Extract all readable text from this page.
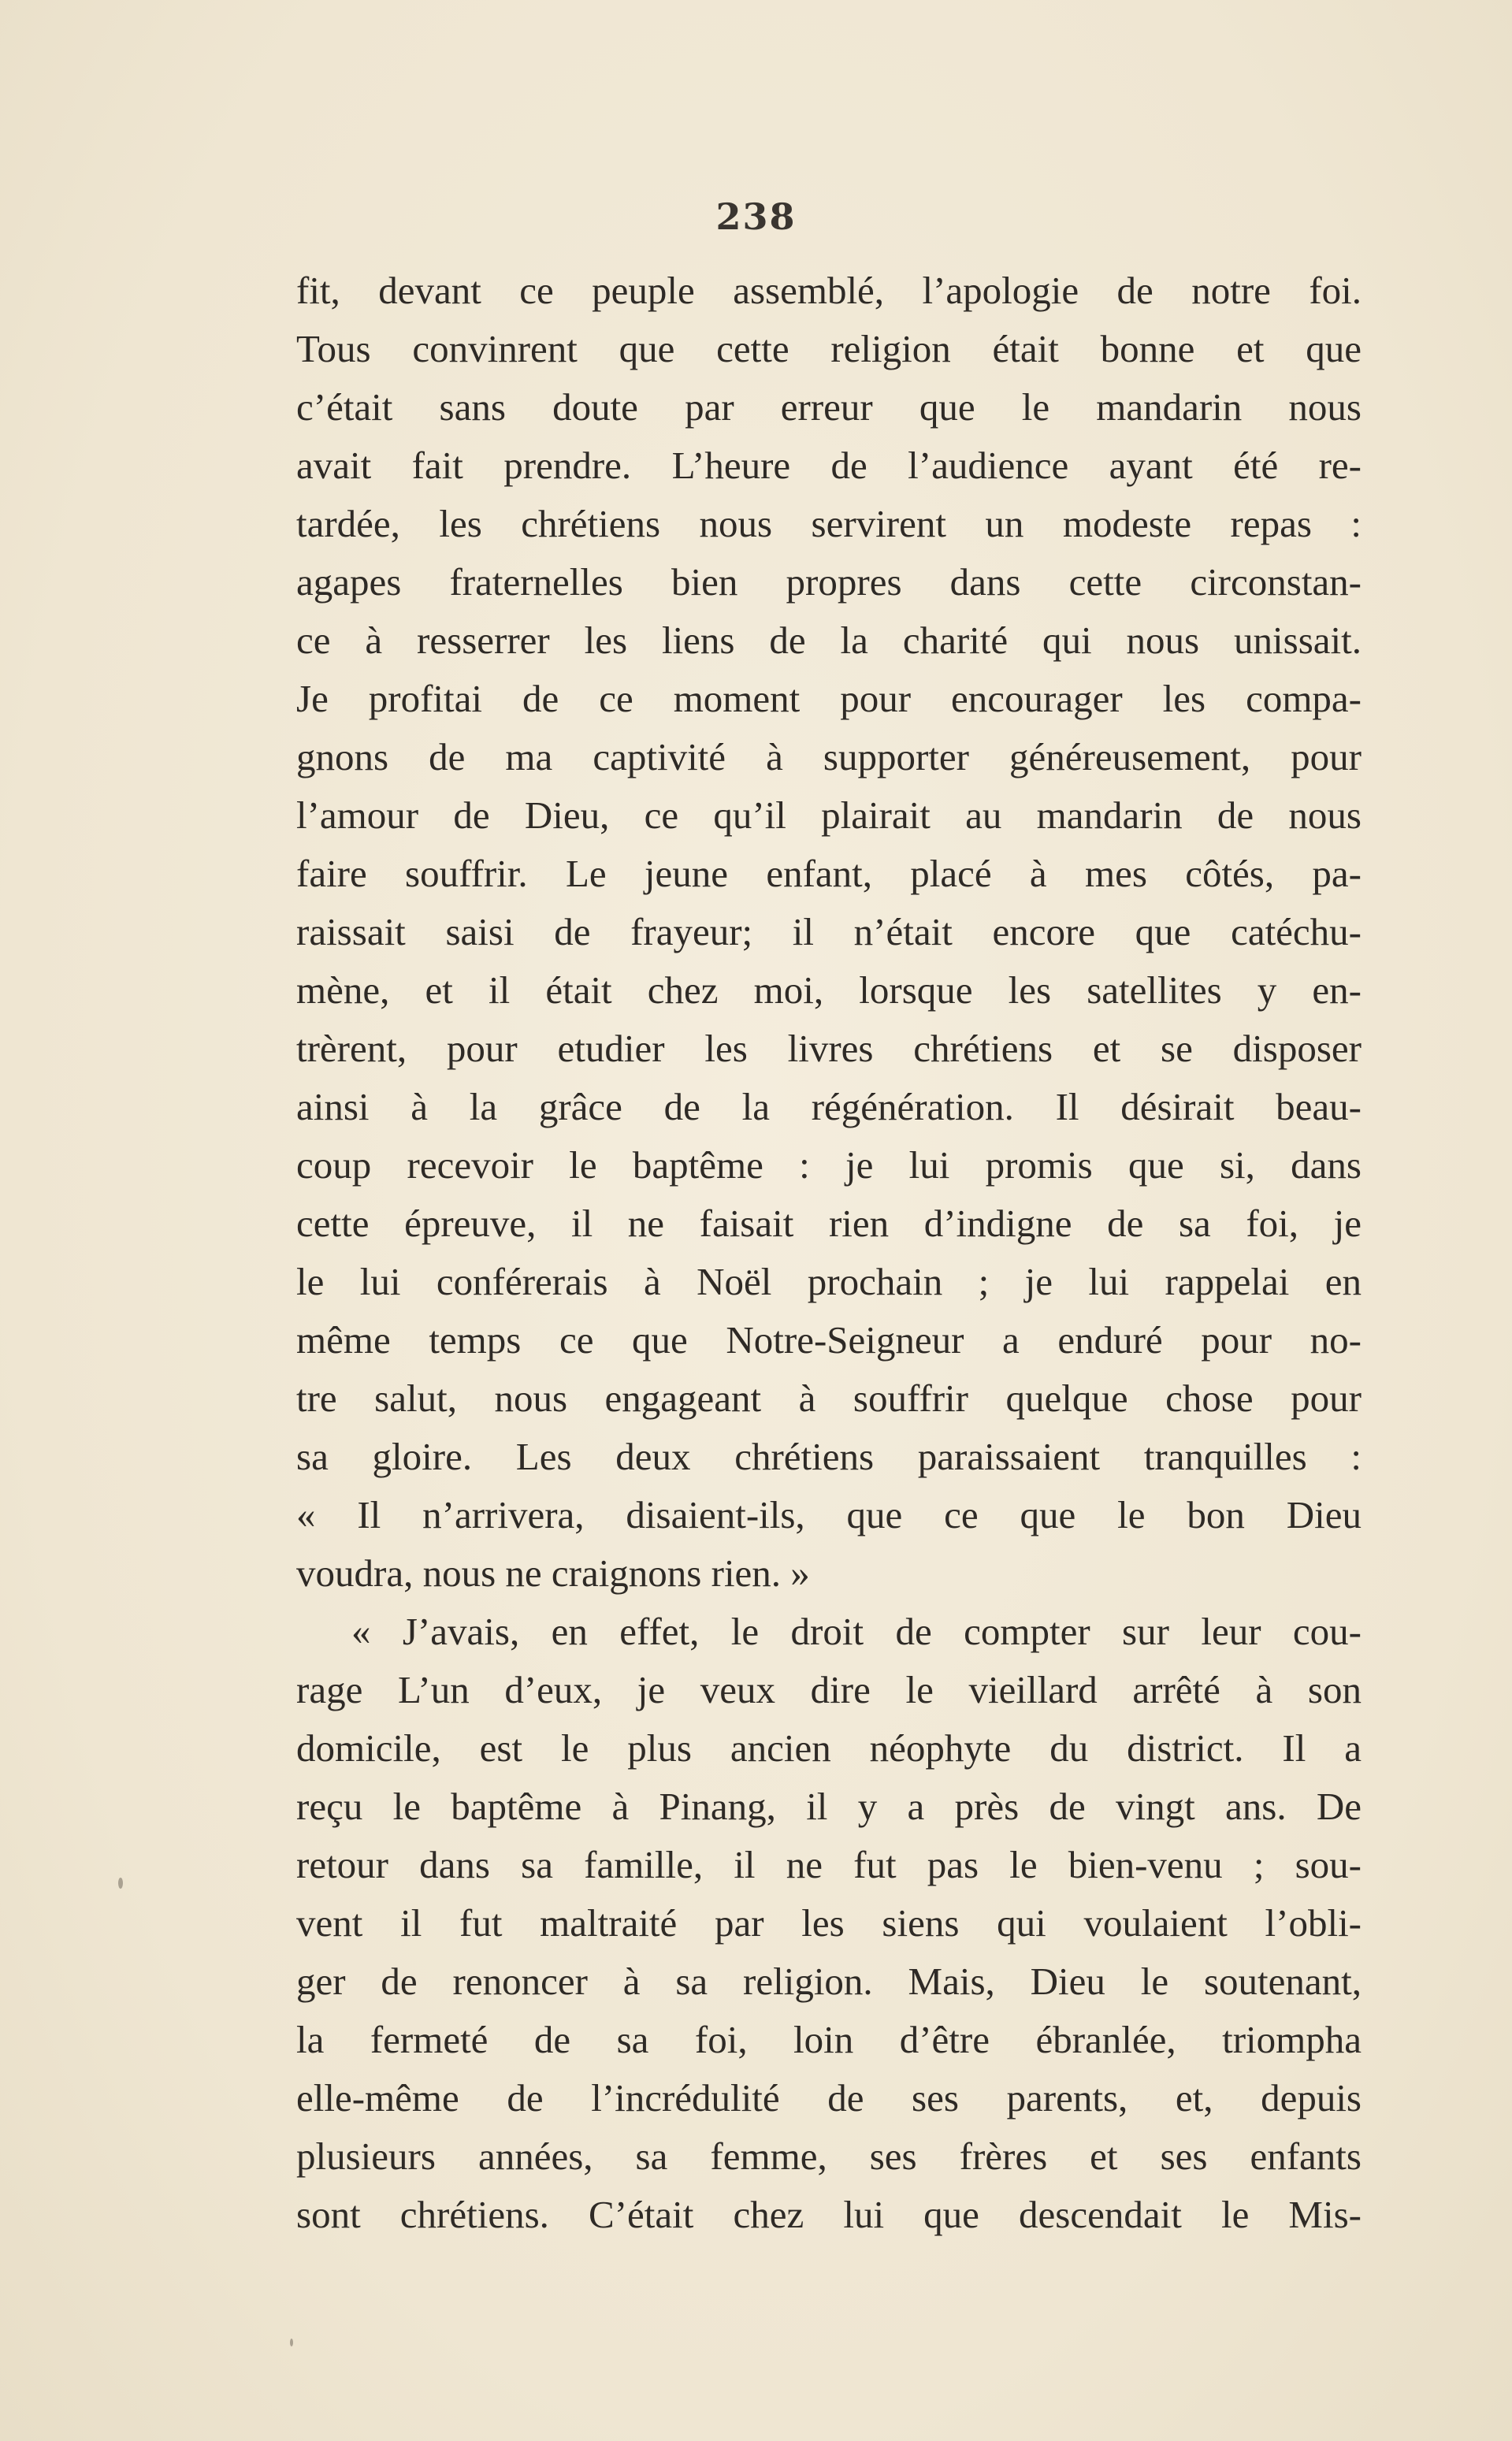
238
fit, devant ce peuple assemblé, l’apologie de notre foi.
Tous convinrent que cette religion était bonne et que
c’était sans doute par erreur que le mandarin nous
avait fait prendre. L’heure de l’audience ayant été re-
tardée, les chrétiens nous servirent un modeste repas :
agapes fraternelles bien propres dans cette circonstan-
ce à resserrer les liens de la charité qui nous unissait.
Je profitai de ce moment pour encourager les compa-
gnons de ma captivité à supporter généreusement, pour
l’amour de Dieu, ce qu’il plairait au mandarin de nous
faire souffrir. Le jeune enfant, placé à mes côtés, pa-
raissait saisi de frayeur; il n’était encore que catéchu-
mène, et il était chez moi, lorsque les satellites y en-
trèrent, pour etudier les livres chrétiens et se disposer
ainsi à la grâce de la régénération. Il désirait beau-
coup recevoir le baptême : je lui promis que si, dans
cette épreuve, il ne faisait rien d’indigne de sa foi, je
le lui conférerais à Noël prochain ; je lui rappelai en
même temps ce que Notre-Seigneur a enduré pour no-
tre salut, nous engageant à souffrir quelque chose pour
sa gloire. Les deux chrétiens paraissaient tranquilles :
« Il n’arrivera, disaient-ils, que ce que le bon Dieu
voudra, nous ne craignons rien. »
« J’avais, en effet, le droit de compter sur leur cou-
rage L’un d’eux, je veux dire le vieillard arrêté à son
domicile, est le plus ancien néophyte du district. Il a
reçu le baptême à Pinang, il y a près de vingt ans. De
retour dans sa famille, il ne fut pas le bien-venu ; sou-
vent il fut maltraité par les siens qui voulaient l’obli-
ger de renoncer à sa religion. Mais, Dieu le soutenant,
la fermeté de sa foi, loin d’être ébranlée, triompha
elle-même de l’incrédulité de ses parents, et, depuis
plusieurs années, sa femme, ses frères et ses enfants
sont chrétiens. C’était chez lui que descendait le Mis-
